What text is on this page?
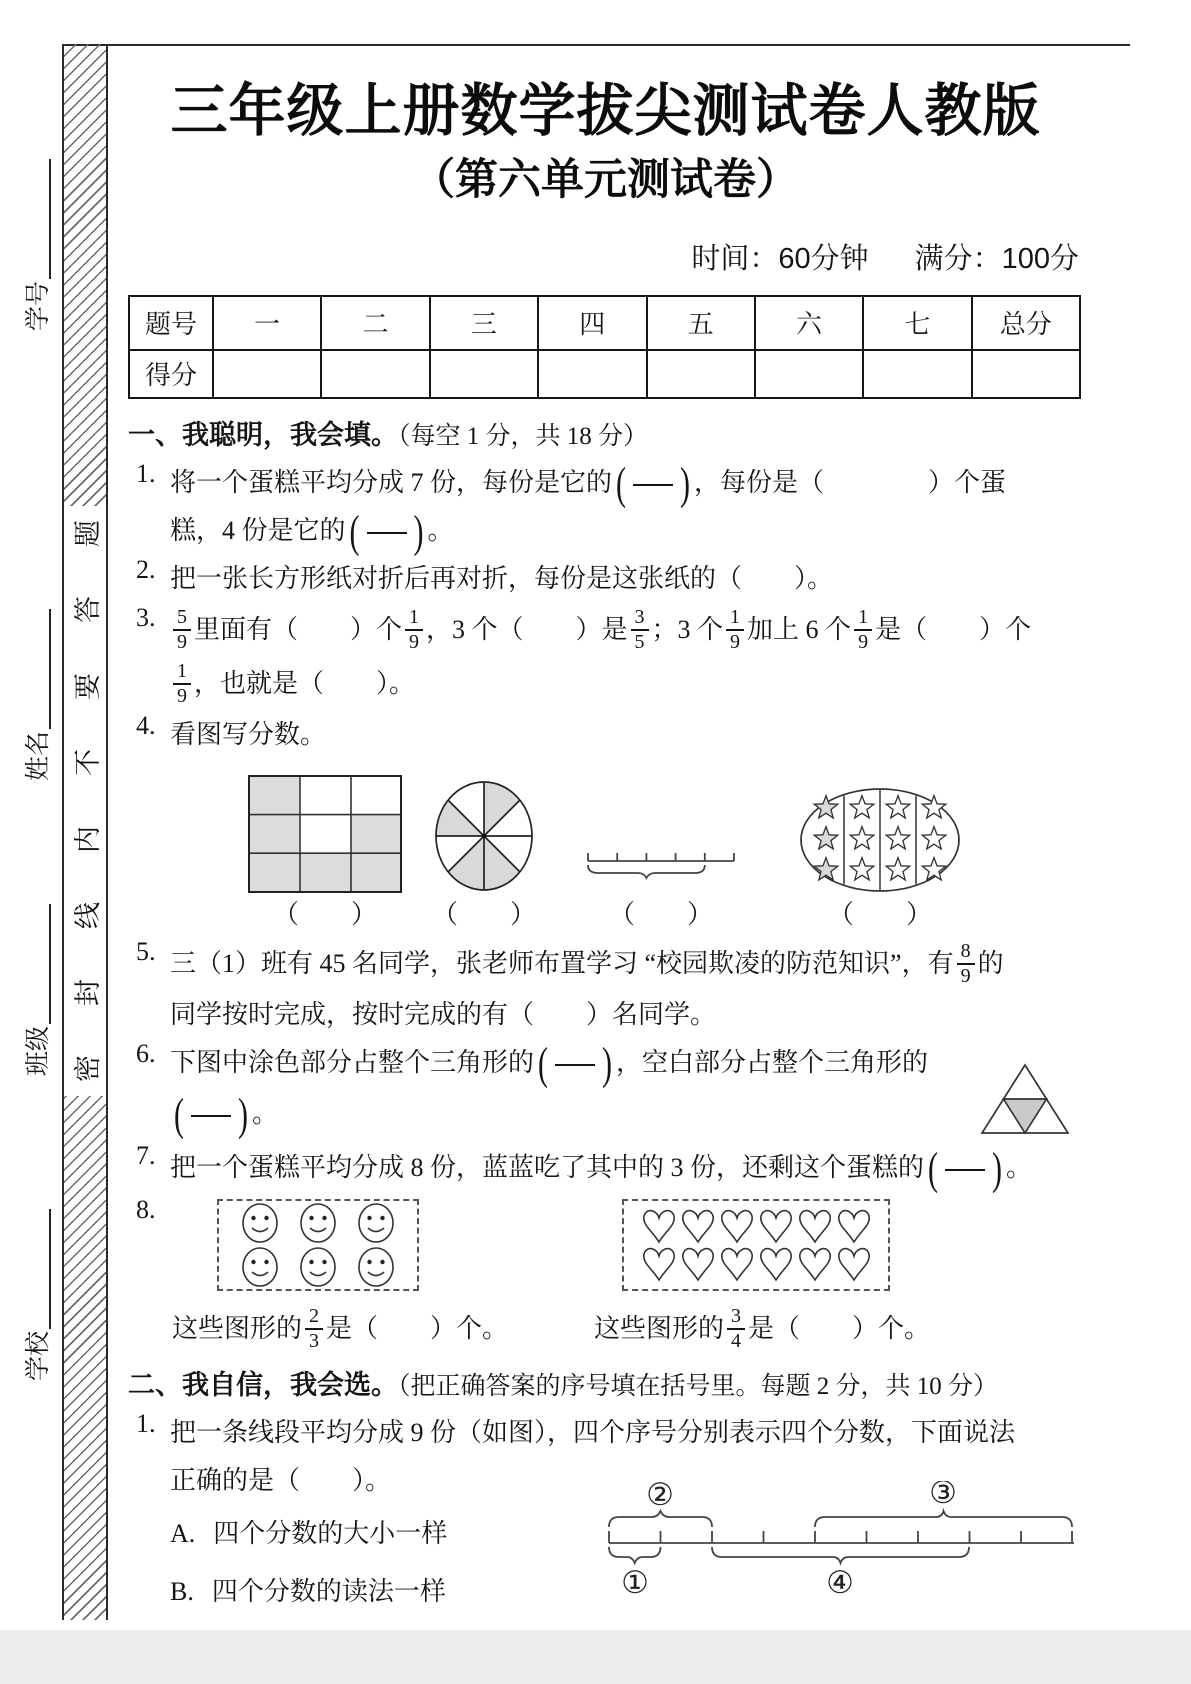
学号
姓名
班级
学校
题
答
要
不
内
线
封
密
三年级上册数学拔尖测试卷人教版
（第六单元测试卷）
时间：60分钟 满分：100分
题号	一	二	三	四	五	六	七	总分
得分								
一、我聪明，我会填。（每空 1 分，共 18 分）
1. 将一个蛋糕平均分成 7 份，每份是它的 ( ) ，每份是（　　　　）个蛋
糕，4 份是它的 ( ) 。
2. 把一张长方形纸对折后再对折，每份是这张纸的（　　）。
3. $\frac{5}{9}$ 里面有（　　）个 $\frac{1}{9}$ ，3 个（　　）是 $\frac{3}{5}$ ；3 个 $\frac{1}{9}$ 加上 6 个 $\frac{1}{9}$ 是（　　）个
$\frac{1}{9}$ ，也就是（　　）。
4. 看图写分数。
（　　）	（　　）	（　　）	（　　）
5. 三（1）班有 45 名同学，张老师布置学习 “校园欺凌的防范知识”，有 $\frac{8}{9}$ 的
同学按时完成，按时完成的有（　　）名同学。
6. 下图中涂色部分占整个三角形的 ( ) ，空白部分占整个三角形的
( ) 。
7. 把一个蛋糕平均分成 8 份，蓝蓝吃了其中的 3 份，还剩这个蛋糕的 ( ) 。
8.
这些图形的 $\frac{2}{3}$ 是（　　）个。	这些图形的 $\frac{3}{4}$ 是（　　）个。
二、我自信，我会选。（把正确答案的序号填在括号里。每题 2 分，共 10 分）
1. 把一条线段平均分成 9 份（如图），四个序号分别表示四个分数，下面说法
正确的是（　　）。
A. 四个分数的大小一样
B. 四个分数的读法一样
②	③
①	④
